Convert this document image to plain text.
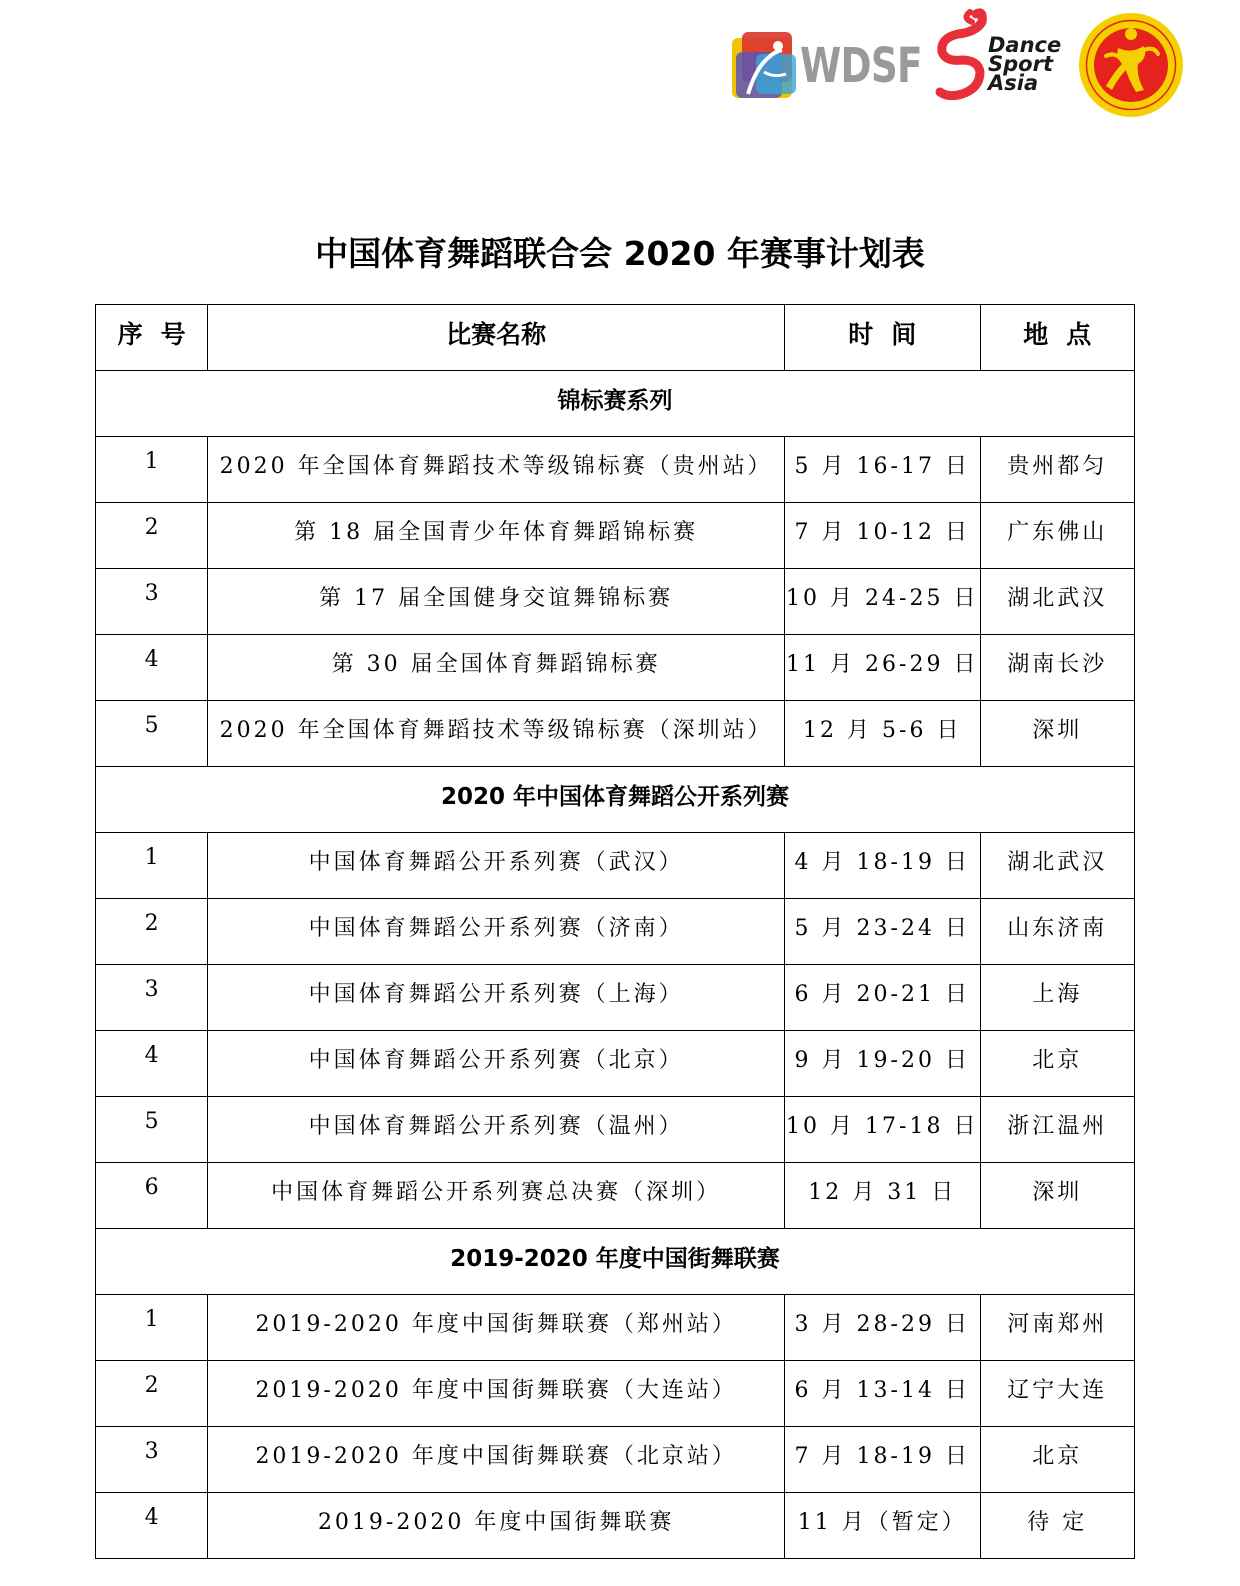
WDSF	Dance
Sport
Asia
中国体育舞蹈联合会 2020 年赛事计划表
序号	比赛名称	时间	地点

锦标赛系列			

1	2020 年全国体育舞蹈技术等级锦标赛（贵州站）	5 月 16-17 日	贵州都匀

2	第 18 届全国青少年体育舞蹈锦标赛	7 月 10-12 日	广东佛山

3	第 17 届全国健身交谊舞锦标赛	10 月 24-25 日	湖北武汉

4	第 30 届全国体育舞蹈锦标赛	11 月 26-29 日	湖南长沙

5	2020 年全国体育舞蹈技术等级锦标赛（深圳站）	12 月 5-6 日	深圳

2020 年中国体育舞蹈公开系列赛			

1	中国体育舞蹈公开系列赛（武汉）	4 月 18-19 日	湖北武汉

2	中国体育舞蹈公开系列赛（济南）	5 月 23-24 日	山东济南

3	中国体育舞蹈公开系列赛（上海）	6 月 20-21 日	上海

4	中国体育舞蹈公开系列赛（北京）	9 月 19-20 日	北京

5	中国体育舞蹈公开系列赛（温州）	10 月 17-18 日	浙江温州

6	中国体育舞蹈公开系列赛总决赛（深圳）	12 月 31 日	深圳

2019-2020 年度中国街舞联赛			

1	2019-2020 年度中国街舞联赛（郑州站）	3 月 28-29 日	河南郑州

2	2019-2020 年度中国街舞联赛（大连站）	6 月 13-14 日	辽宁大连

3	2019-2020 年度中国街舞联赛（北京站）	7 月 18-19 日	北京

4	2019-2020 年度中国街舞联赛	11 月（暂定）	待 定
